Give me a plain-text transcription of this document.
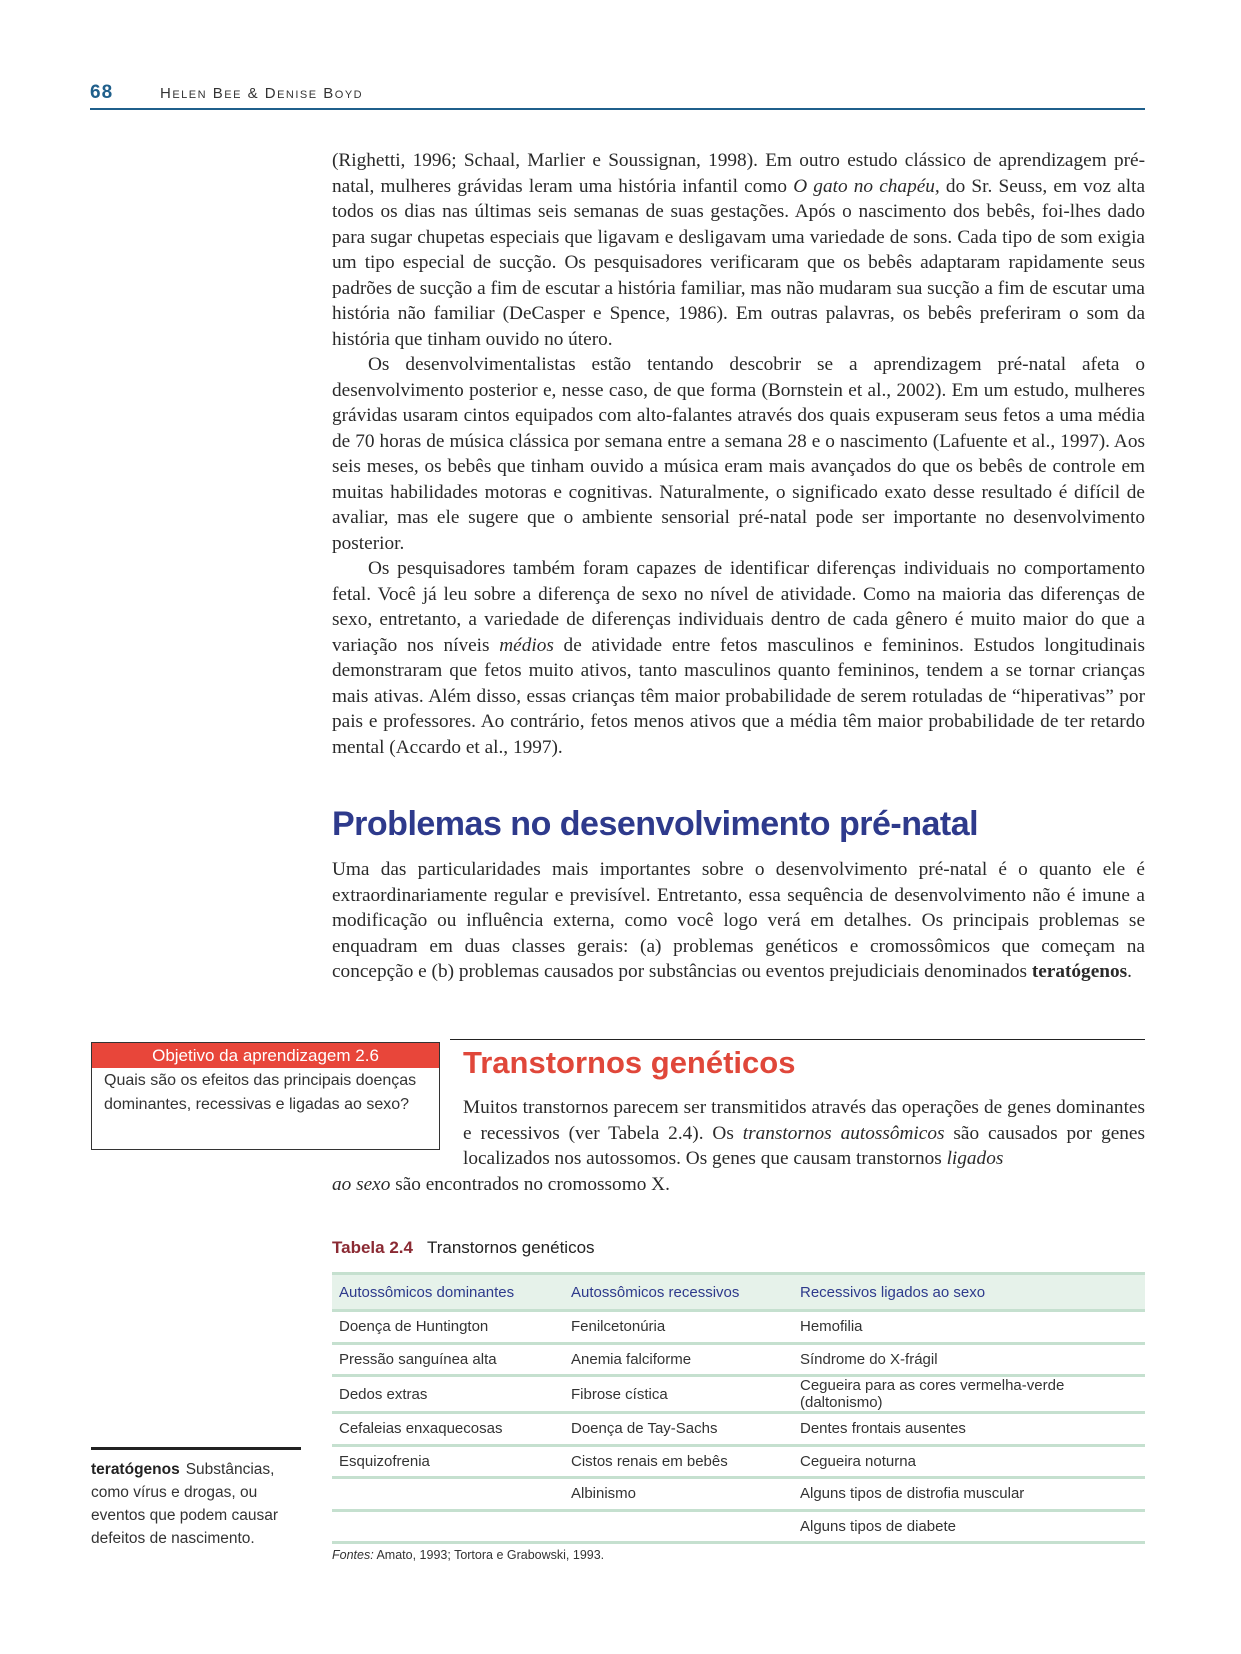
68	Helen Bee & Denise Boyd

(Righetti, 1996; Schaal, Marlier e Soussignan, 1998). Em outro estudo clássico de aprendizagem pré-natal, mulheres grávidas leram uma história infantil como O gato no chapéu, do Sr. Seuss, em voz alta todos os dias nas últimas seis semanas de suas gestações. Após o nascimento dos bebês, foi-lhes dado para sugar chupetas especiais que ligavam e desligavam uma variedade de sons. Cada tipo de som exigia um tipo especial de sucção. Os pesquisadores verificaram que os bebês adaptaram rapidamente seus padrões de sucção a fim de escutar a história familiar, mas não mudaram sua sucção a fim de escutar uma história não familiar (DeCasper e Spence, 1986). Em outras palavras, os bebês preferiram o som da história que tinham ouvido no útero.

Os desenvolvimentalistas estão tentando descobrir se a aprendizagem pré-natal afeta o desenvolvimento posterior e, nesse caso, de que forma (Bornstein et al., 2002). Em um estudo, mulheres grávidas usaram cintos equipados com alto-falantes através dos quais expuseram seus fetos a uma média de 70 horas de música clássica por semana entre a semana 28 e o nascimento (Lafuente et al., 1997). Aos seis meses, os bebês que tinham ouvido a música eram mais avançados do que os bebês de controle em muitas habilidades motoras e cognitivas. Naturalmente, o significado exato desse resultado é difícil de avaliar, mas ele sugere que o ambiente sensorial pré-natal pode ser importante no desenvolvimento posterior.

Os pesquisadores também foram capazes de identificar diferenças individuais no comportamento fetal. Você já leu sobre a diferença de sexo no nível de atividade. Como na maioria das diferenças de sexo, entretanto, a variedade de diferenças individuais dentro de cada gênero é muito maior do que a variação nos níveis médios de atividade entre fetos masculinos e femininos. Estudos longitudinais demonstraram que fetos muito ativos, tanto masculinos quanto femininos, tendem a se tornar crianças mais ativas. Além disso, essas crianças têm maior probabilidade de serem rotuladas de “hiperativas” por pais e professores. Ao contrário, fetos menos ativos que a média têm maior probabilidade de ter retardo mental (Accardo et al., 1997).

Problemas no desenvolvimento pré-natal

Uma das particularidades mais importantes sobre o desenvolvimento pré-natal é o quanto ele é extraordinariamente regular e previsível. Entretanto, essa sequência de desenvolvimento não é imune a modificação ou influência externa, como você logo verá em detalhes. Os principais problemas se enquadram em duas classes gerais: (a) problemas genéticos e cromossômicos que começam na concepção e (b) problemas causados por substâncias ou eventos prejudiciais denominados teratógenos.

Objetivo da aprendizagem 2.6
Quais são os efeitos das principais doenças dominantes, recessivas e ligadas ao sexo?
Transtornos genéticos
Muitos transtornos parecem ser transmitidos através das operações de genes dominantes e recessivos (ver Tabela 2.4). Os transtornos autossômicos são causados por genes localizados nos autossomos. Os genes que causam transtornos ligados
ao sexo são encontrados no cromossomo X.
Tabela 2.4 Transtornos genéticos
Autossômicos dominantes	Autossômicos recessivos	Recessivos ligados ao sexo
Doença de Huntington	Fenilcetonúria	Hemofilia
Pressão sanguínea alta	Anemia falciforme	Síndrome do X-frágil
Dedos extras	Fibrose cística	Cegueira para as cores vermelha-verde (daltonismo)
Cefaleias enxaquecosas	Doença de Tay-Sachs	Dentes frontais ausentes
Esquizofrenia	Cistos renais em bebês	Cegueira noturna
	Albinismo	Alguns tipos de distrofia muscular
		Alguns tipos de diabete
Fontes: Amato, 1993; Tortora e Grabowski, 1993.
teratógenos Substâncias, como vírus e drogas, ou eventos que podem causar defeitos de nascimento.
